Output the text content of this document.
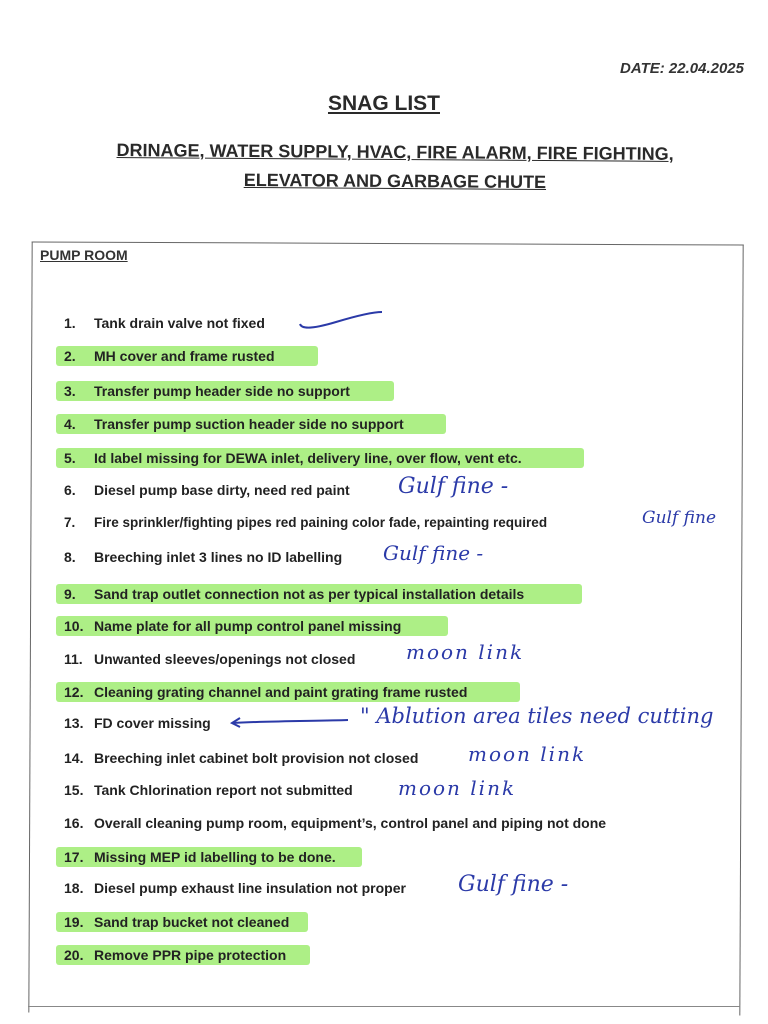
DATE: 22.04.2025
SNAG LIST
DRINAGE, WATER SUPPLY, HVAC, FIRE ALARM, FIRE FIGHTING,
ELEVATOR AND GARBAGE CHUTE
PUMP ROOM
1. Tank drain valve not fixed
2. MH cover and frame rusted
3. Transfer pump header side no support
4. Transfer pump suction header side no support
5. Id label missing for DEWA inlet, delivery line, over flow, vent etc.
6. Diesel pump base dirty, need red paint
7. Fire sprinkler/fighting pipes red paining color fade, repainting required
8. Breeching inlet 3 lines no ID labelling
9. Sand trap outlet connection not as per typical installation details
10. Name plate for all pump control panel missing
11. Unwanted sleeves/openings not closed
12. Cleaning grating channel and paint grating frame rusted
13. FD cover missing
14. Breeching inlet cabinet bolt provision not closed
15. Tank Chlorination report not submitted
16. Overall cleaning pump room, equipment’s, control panel and piping not done
17. Missing MEP id labelling to be done.
18. Diesel pump exhaust line insulation not proper
19. Sand trap bucket not cleaned
20. Remove PPR pipe protection
Gulf fine -
Gulf fine
Gulf fine -
moon link
" Ablution area tiles need cutting
moon link
moon link
Gulf fine -
